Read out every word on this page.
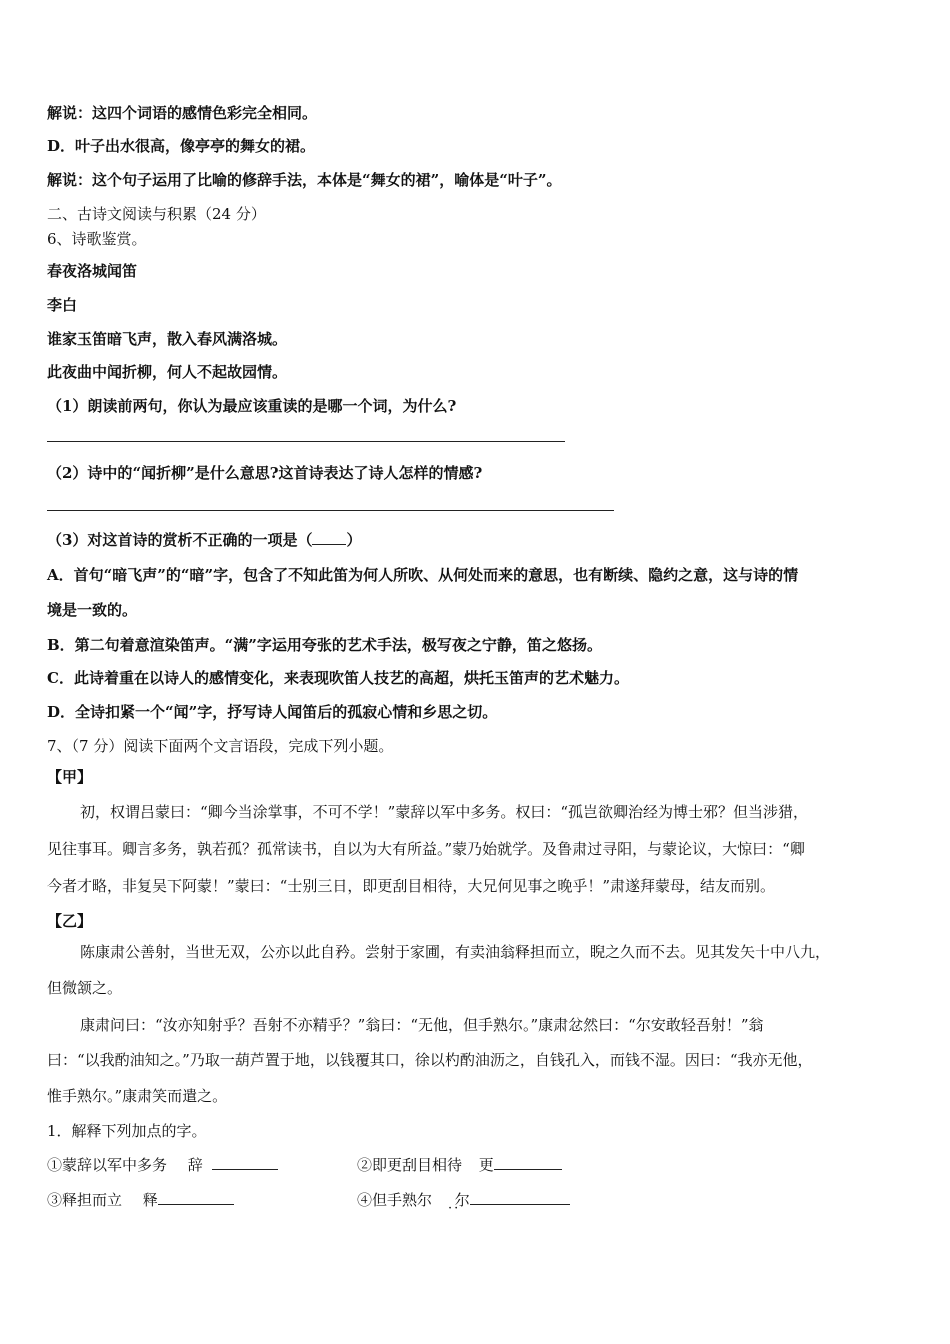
解说：这四个词语的感情色彩完全相同。
D．叶子出水很高，像亭亭的舞女的裙。
解说：这个句子运用了比喻的修辞手法，本体是“舞女的裙”，喻体是“叶子”。
二、古诗文阅读与积累（24 分）
6、诗歌鉴赏。
春夜洛城闻笛
李白
谁家玉笛暗飞声，散入春风满洛城。
此夜曲中闻折柳，何人不起故园情。
（1）朗读前两句，你认为最应该重读的是哪一个词，为什么?
（2）诗中的“闻折柳”是什么意思?这首诗表达了诗人怎样的情感?
（3）对这首诗的赏析不正确的一项是（ ）
A．首句“暗飞声”的“暗”字，包含了不知此笛为何人所吹、从何处而来的意思，也有断续、隐约之意，这与诗的情
境是一致的。
B．第二句着意渲染笛声。“满”字运用夸张的艺术手法，极写夜之宁静，笛之悠扬。
C．此诗着重在以诗人的感情变化，来表现吹笛人技艺的高超，烘托玉笛声的艺术魅力。
D．全诗扣紧一个“闻”字，抒写诗人闻笛后的孤寂心情和乡思之切。
7、（7 分）阅读下面两个文言语段，完成下列小题。
【甲】
初，权谓吕蒙曰：“卿今当涂掌事，不可不学！”蒙辞以军中多务。权曰：“孤岂欲卿治经为博士邪？但当涉猎，
见往事耳。卿言多务，孰若孤？孤常读书，自以为大有所益。”蒙乃始就学。及鲁肃过寻阳，与蒙论议，大惊曰：“卿
今者才略，非复吴下阿蒙！”蒙曰：“士别三日，即更刮目相待，大兄何见事之晚乎！”肃遂拜蒙母，结友而别。
【乙】
陈康肃公善射，当世无双，公亦以此自矜。尝射于家圃，有卖油翁释担而立，睨之久而不去。见其发矢十中八九，
但微颔之。
康肃问曰：“汝亦知射乎？吾射不亦精乎？”翁曰：“无他，但手熟尔。”康肃忿然曰：“尔安敢轻吾射！”翁
曰：“以我酌油知之。”乃取一葫芦置于地，以钱覆其口，徐以杓酌油沥之，自钱孔入，而钱不湿。因曰：“我亦无他，
惟手熟尔。”康肃笑而遣之。
1．解释下列加点的字。
①蒙辞以军中多务 辞	②即更刮目相待 更
③释担而立 释	④但手熟尔 尔
··
